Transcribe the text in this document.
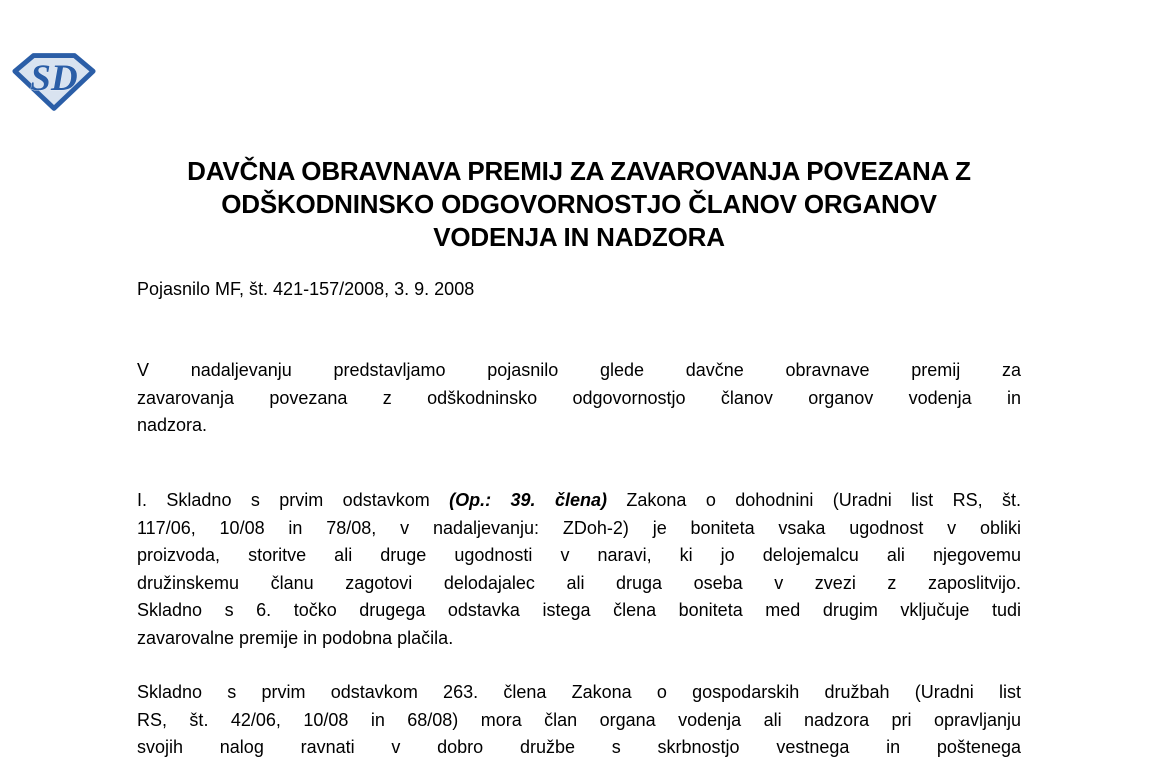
SD
DAVČNA OBRAVNAVA PREMIJ ZA ZAVAROVANJA POVEZANA Z
ODŠKODNINSKO ODGOVORNOSTJO ČLANOV ORGANOV
VODENJA IN NADZORA
Pojasnilo MF, št. 421-157/2008, 3. 9. 2008
V nadaljevanju predstavljamo pojasnilo glede davčne obravnave premij za
zavarovanja povezana z odškodninsko odgovornostjo članov organov vodenja in
nadzora.
I. Skladno s prvim odstavkom (Op.: 39. člena) Zakona o dohodnini (Uradni list RS, št.
117/06, 10/08 in 78/08, v nadaljevanju: ZDoh-2) je boniteta vsaka ugodnost v obliki
proizvoda, storitve ali druge ugodnosti v naravi, ki jo delojemalcu ali njegovemu
družinskemu članu zagotovi delodajalec ali druga oseba v zvezi z zaposlitvijo.
Skladno s 6. točko drugega odstavka istega člena boniteta med drugim vključuje tudi
zavarovalne premije in podobna plačila.
Skladno s prvim odstavkom 263. člena Zakona o gospodarskih družbah (Uradni list
RS, št. 42/06, 10/08 in 68/08) mora član organa vodenja ali nadzora pri opravljanju
svojih nalog ravnati v dobro družbe s skrbnostjo vestnega in poštenega
